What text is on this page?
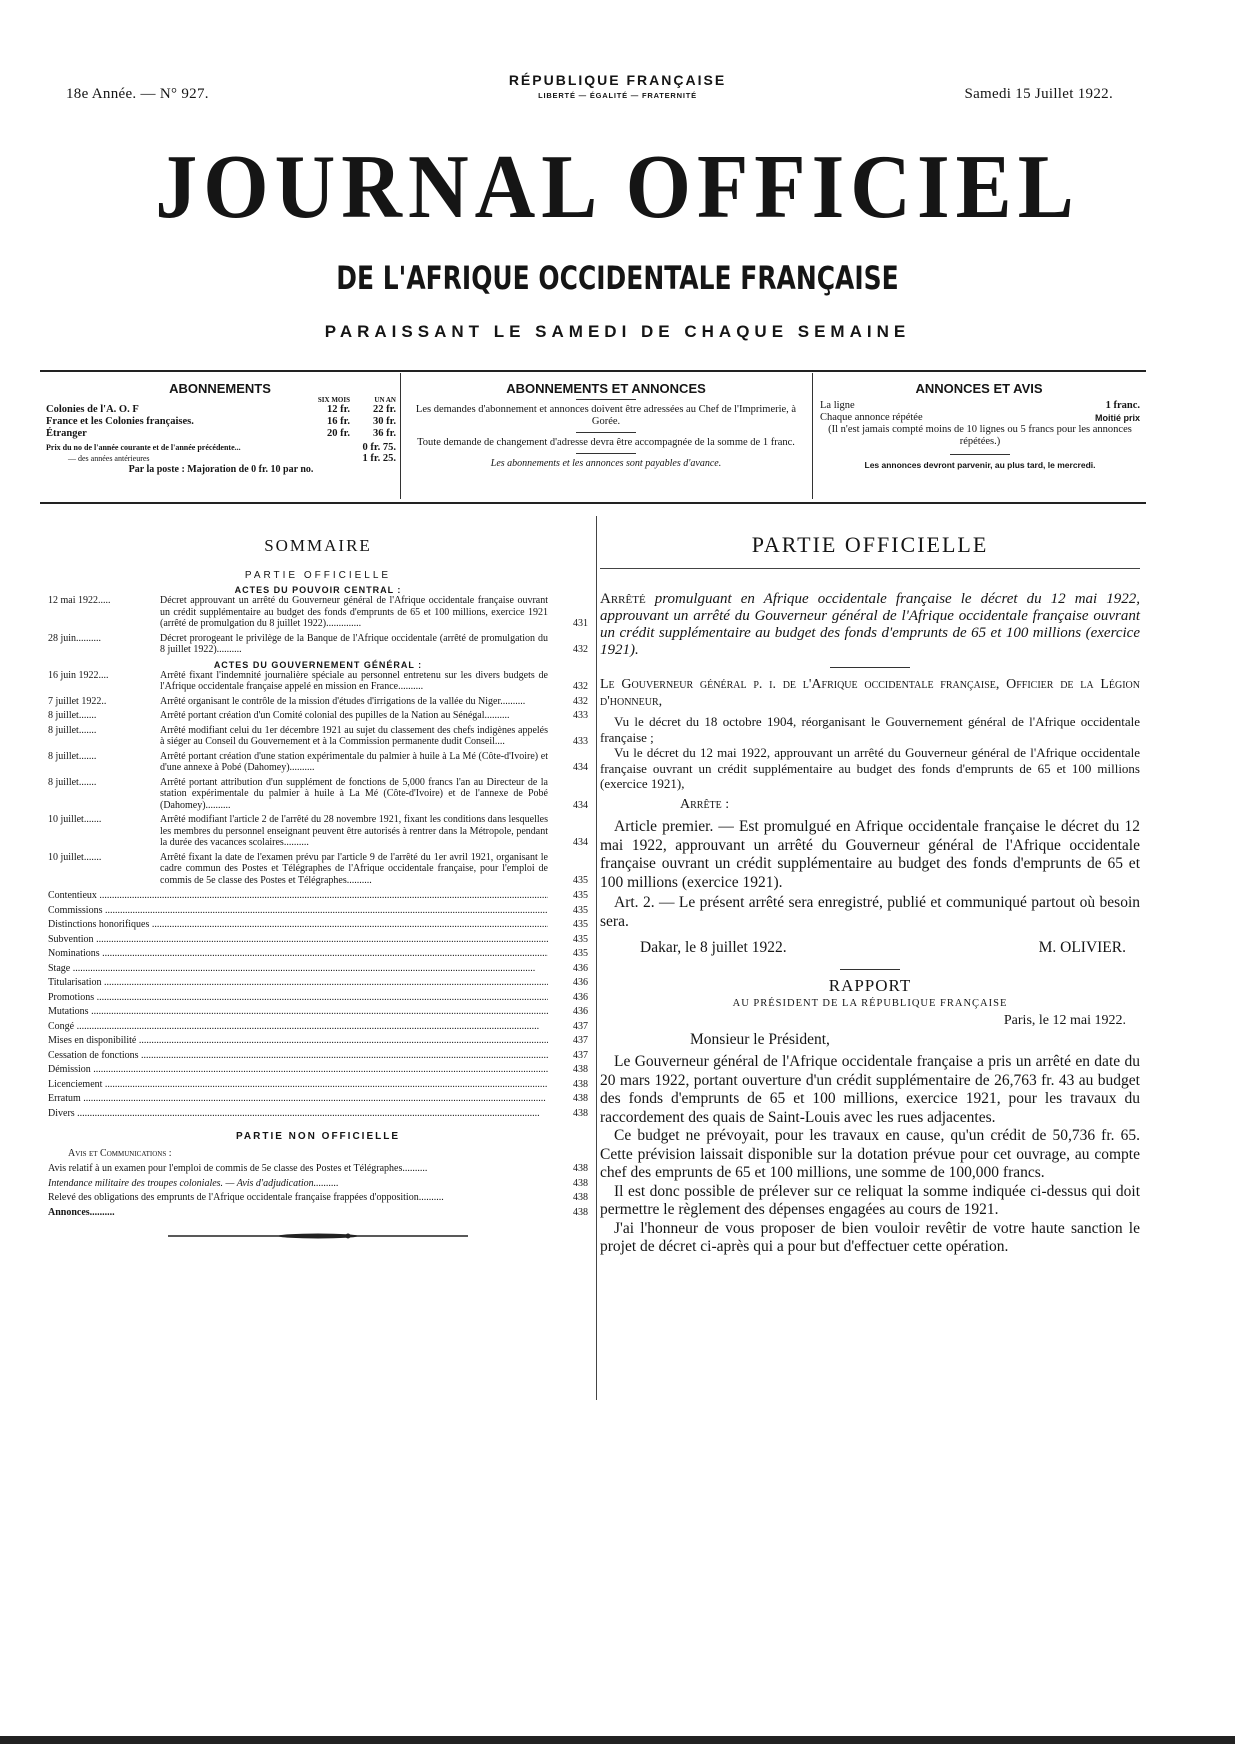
18e Année. — N° 927.
RÉPUBLIQUE FRANÇAISE
LIBERTÉ — ÉGALITÉ — FRATERNITÉ	Samedi 15 Juillet 1922.
JOURNAL OFFICIEL
DE L'AFRIQUE OCCIDENTALE FRANÇAISE
PARAISSANT LE SAMEDI DE CHAQUE SEMAINE
ABONNEMENTS
	SIX MOIS	UN AN
Colonies de l'A. O. F	12 fr.	22 fr.
France et les Colonies françaises.	16 fr.	30 fr.
Étranger	20 fr.	36 fr.
Prix du no de l'année courante et de l'année précédente...	0 fr. 75.
— des années antérieures	1 fr. 25.
Par la poste : Majoration de 0 fr. 10 par no.
ABONNEMENTS ET ANNONCES
Les demandes d'abonnement et annonces doivent être adressées au Chef de l'Imprimerie, à Gorée.
Toute demande de changement d'adresse devra être accompagnée de la somme de 1 franc.
Les abonnements et les annonces sont payables d'avance.
ANNONCES ET AVIS
La ligne	1 franc.
Chaque annonce répétée	Moitié prix
(Il n'est jamais compté moins de 10 lignes ou 5 francs pour les annonces répétées.)
Les annonces devront parvenir, au plus tard, le mercredi.
SOMMAIRE
PARTIE OFFICIELLE
ACTES DU POUVOIR CENTRAL :
12 mai 1922.....	Décret approuvant un arrêté du Gouverneur général de l'Afrique occidentale française ouvrant un crédit supplémentaire au budget des fonds d'emprunts de 65 et 100 millions, exercice 1921 (arrêté de promulgation du 8 juillet 1922)..............	431
28 juin..........	Décret prorogeant le privilège de la Banque de l'Afrique occidentale (arrêté de promulgation du 8 juillet 1922)..........	432
ACTES DU GOUVERNEMENT GÉNÉRAL :
16 juin 1922....	Arrêté fixant l'indemnité journalière spéciale au personnel entretenu sur les divers budgets de l'Afrique occidentale française appelé en mission en France..........	432
7 juillet 1922..	Arrêté organisant le contrôle de la mission d'études d'irrigations de la vallée du Niger..........	432
8 juillet.......	Arrêté portant création d'un Comité colonial des pupilles de la Nation au Sénégal..........	433
8 juillet.......	Arrêté modifiant celui du 1er décembre 1921 au sujet du classement des chefs indigènes appelés à siéger au Conseil du Gouvernement et à la Commission permanente dudit Conseil....	433
8 juillet.......	Arrêté portant création d'une station expérimentale du palmier à huile à La Mé (Côte-d'Ivoire) et d'une annexe à Pobé (Dahomey)..........	434
8 juillet.......	Arrêté portant attribution d'un supplément de fonctions de 5,000 francs l'an au Directeur de la station expérimentale du palmier à huile à La Mé (Côte-d'Ivoire) et de l'annexe de Pobé (Dahomey)..........	434
10 juillet.......	Arrêté modifiant l'article 2 de l'arrêté du 28 novembre 1921, fixant les conditions dans lesquelles les membres du personnel enseignant peuvent être autorisés à rentrer dans la Métropole, pendant la durée des vacances scolaires..........	434
10 juillet.......	Arrêté fixant la date de l'examen prévu par l'article 9 de l'arrêté du 1er avril 1921, organisant le cadre commun des Postes et Télégraphes de l'Afrique occidentale française, pour l'emploi de commis de 5e classe des Postes et Télégraphes..........	435
Contentieux .....	435
Commissions .....	435
Distinctions honorifiques .....	435
Subvention .....	435
Nominations .....	435
Stage .....	436
Titularisation .....	436
Promotions .....	436
Mutations .....	436
Congé .....	437
Mises en disponibilité .....	437
Cessation de fonctions .....	437
Démission .....	438
Licenciement .....	438
Erratum .....	438
Divers .....	438
PARTIE NON OFFICIELLE
Avis et Communications :
Avis relatif à un examen pour l'emploi de commis de 5e classe des Postes et Télégraphes..........	438
Intendance militaire des troupes coloniales. — Avis d'adjudication..........	438
Relevé des obligations des emprunts de l'Afrique occidentale française frappées d'opposition..........	438
Annonces..........	438
PARTIE OFFICIELLE
Arrêté promulguant en Afrique occidentale française le décret du 12 mai 1922, approuvant un arrêté du Gouverneur général de l'Afrique occidentale française ouvrant un crédit supplémentaire au budget des fonds d'emprunts de 65 et 100 millions (exercice 1921).
Le Gouverneur général p. i. de l'Afrique occidentale française, Officier de la Légion d'honneur,
Vu le décret du 18 octobre 1904, réorganisant le Gouvernement général de l'Afrique occidentale française ;
Vu le décret du 12 mai 1922, approuvant un arrêté du Gouverneur général de l'Afrique occidentale française ouvrant un crédit supplémentaire au budget des fonds d'emprunts de 65 et 100 millions (exercice 1921),
Arrête :
Article premier. — Est promulgué en Afrique occidentale française le décret du 12 mai 1922, approuvant un arrêté du Gouverneur général de l'Afrique occidentale française ouvrant un crédit supplémentaire au budget des fonds d'emprunts de 65 et 100 millions (exercice 1921).
Art. 2. — Le présent arrêté sera enregistré, publié et communiqué partout où besoin sera.
Dakar, le 8 juillet 1922.	M. OLIVIER.
RAPPORT
AU PRÉSIDENT DE LA RÉPUBLIQUE FRANÇAISE
Paris, le 12 mai 1922.
Monsieur le Président,
Le Gouverneur général de l'Afrique occidentale française a pris un arrêté en date du 20 mars 1922, portant ouverture d'un crédit supplémentaire de 26,763 fr. 43 au budget des fonds d'emprunts de 65 et 100 millions, exercice 1921, pour les travaux du raccordement des quais de Saint-Louis avec les rues adjacentes.
Ce budget ne prévoyait, pour les travaux en cause, qu'un crédit de 50,736 fr. 65. Cette prévision laissait disponible sur la dotation prévue pour cet ouvrage, au compte chef des emprunts de 65 et 100 millions, une somme de 100,000 francs.
Il est donc possible de prélever sur ce reliquat la somme indiquée ci-dessus qui doit permettre le règlement des dépenses engagées au cours de 1921.
J'ai l'honneur de vous proposer de bien vouloir revêtir de votre haute sanction le projet de décret ci-après qui a pour but d'effectuer cette opération.
